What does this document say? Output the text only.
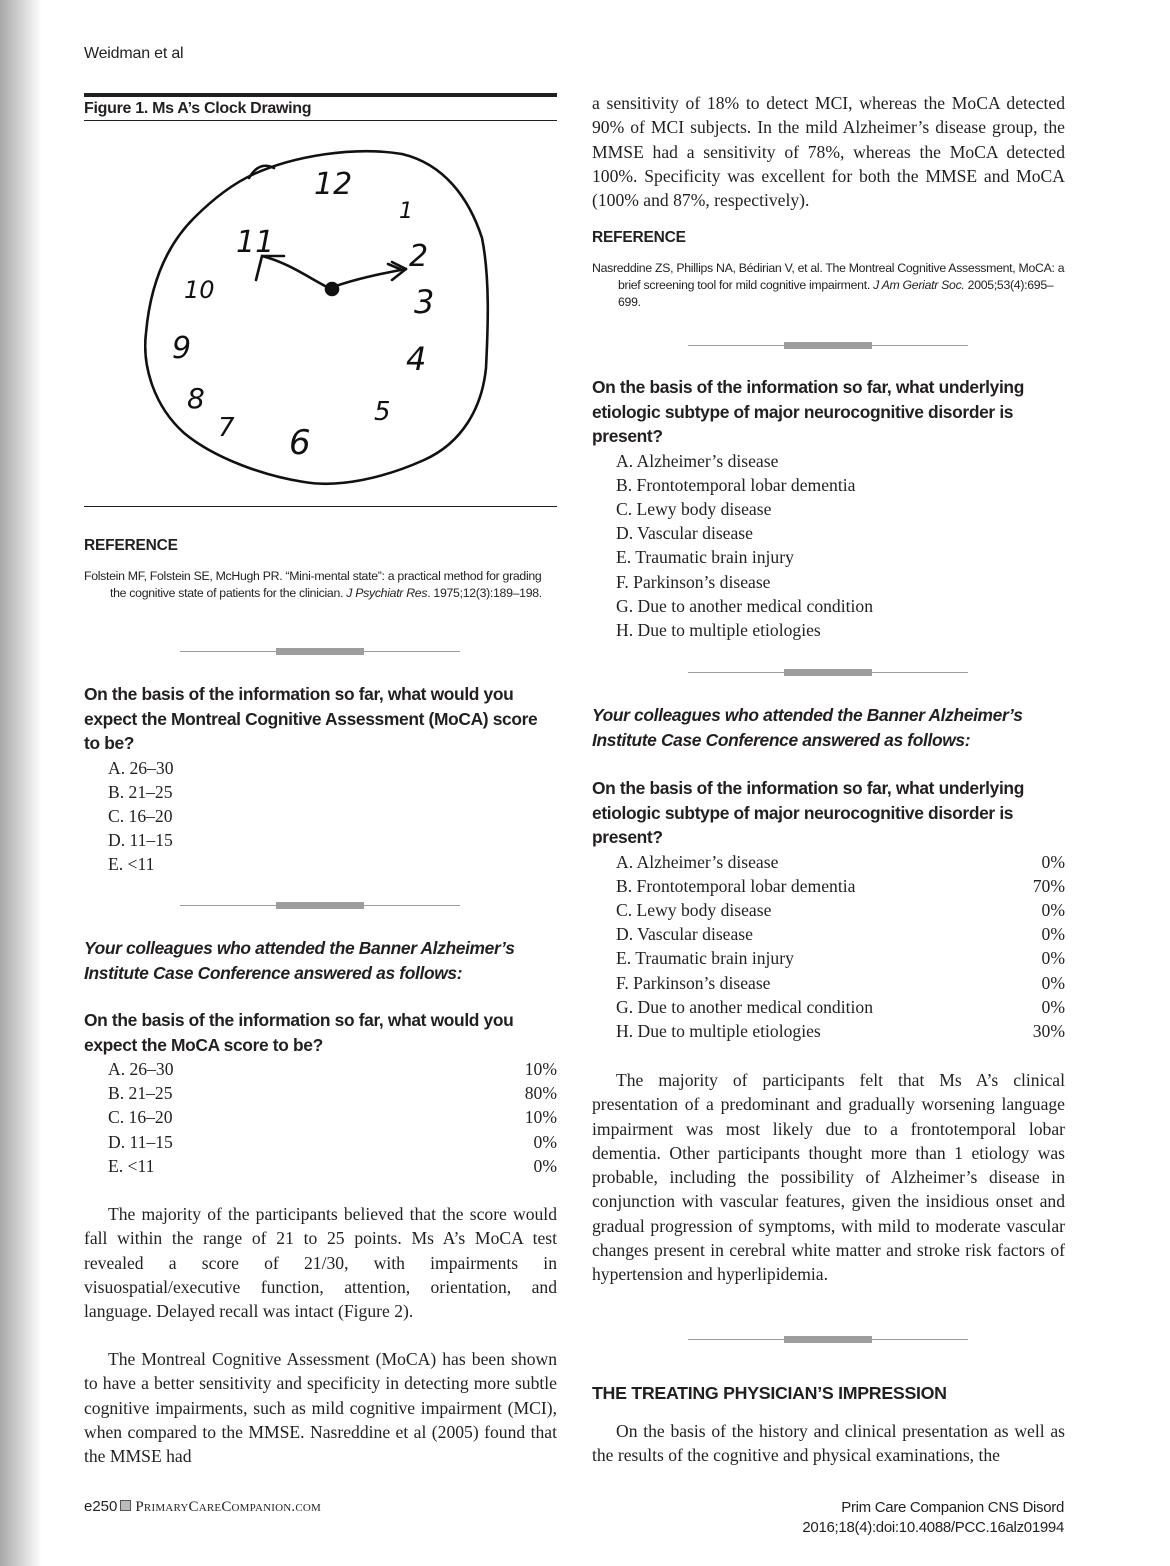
Weidman et al
Figure 1. Ms A’s Clock Drawing
12
1
2
3
4
5
6
7
8
9
10
11
REFERENCE
Folstein MF, Folstein SE, McHugh PR. “Mini-mental state”: a practical method for grading the cognitive state of patients for the clinician. J Psychiatr Res. 1975;12(3):189–198.
On the basis of the information so far, what would you expect the Montreal Cognitive Assessment (MoCA) score to be?
A. 26–30
B. 21–25
C. 16–20
D. 11–15
E. <11
Your colleagues who attended the Banner Alzheimer’s Institute Case Conference answered as follows:
On the basis of the information so far, what would you expect the MoCA score to be?
A. 26–30	10%
B. 21–25	80%
C. 16–20	10%
D. 11–15	0%
E. <11	0%

The majority of the participants believed that the score would fall within the range of 21 to 25 points. Ms A’s MoCA test revealed a score of 21/30, with impairments in visuospatial/executive function, attention, orientation, and language. Delayed recall was intact (Figure 2).

The Montreal Cognitive Assessment (MoCA) has been shown to have a better sensitivity and specificity in detecting more subtle cognitive impairments, such as mild cognitive impairment (MCI), when compared to the MMSE. Nasreddine et al (2005) found that the MMSE had

a sensitivity of 18% to detect MCI, whereas the MoCA detected 90% of MCI subjects. In the mild Alzheimer’s disease group, the MMSE had a sensitivity of 78%, whereas the MoCA detected 100%. Specificity was excellent for both the MMSE and MoCA (100% and 87%, respectively).

REFERENCE
Nasreddine ZS, Phillips NA, Bédirian V, et al. The Montreal Cognitive Assessment, MoCA: a brief screening tool for mild cognitive impairment. J Am Geriatr Soc. 2005;53(4):695–699.
On the basis of the information so far, what underlying etiologic subtype of major neurocognitive disorder is present?
A. Alzheimer’s disease
B. Frontotemporal lobar dementia
C. Lewy body disease
D. Vascular disease
E. Traumatic brain injury
F. Parkinson’s disease
G. Due to another medical condition
H. Due to multiple etiologies
Your colleagues who attended the Banner Alzheimer’s Institute Case Conference answered as follows:
On the basis of the information so far, what underlying etiologic subtype of major neurocognitive disorder is present?
A. Alzheimer’s disease	0%
B. Frontotemporal lobar dementia	70%
C. Lewy body disease	0%
D. Vascular disease	0%
E. Traumatic brain injury	0%
F. Parkinson’s disease	0%
G. Due to another medical condition	0%
H. Due to multiple etiologies	30%

The majority of participants felt that Ms A’s clinical presentation of a predominant and gradually worsening language impairment was most likely due to a frontotemporal lobar dementia. Other participants thought more than 1 etiology was probable, including the possibility of Alzheimer’s disease in conjunction with vascular features, given the insidious onset and gradual progression of symptoms, with mild to moderate vascular changes present in cerebral white matter and stroke risk factors of hypertension and hyperlipidemia.

THE TREATING PHYSICIAN’S IMPRESSION

On the basis of the history and clinical presentation as well as the results of the cognitive and physical examinations, the

e250 PrimaryCareCompanion.com	Prim Care Companion CNS Disord
2016;18(4):doi:10.4088/PCC.16alz01994
